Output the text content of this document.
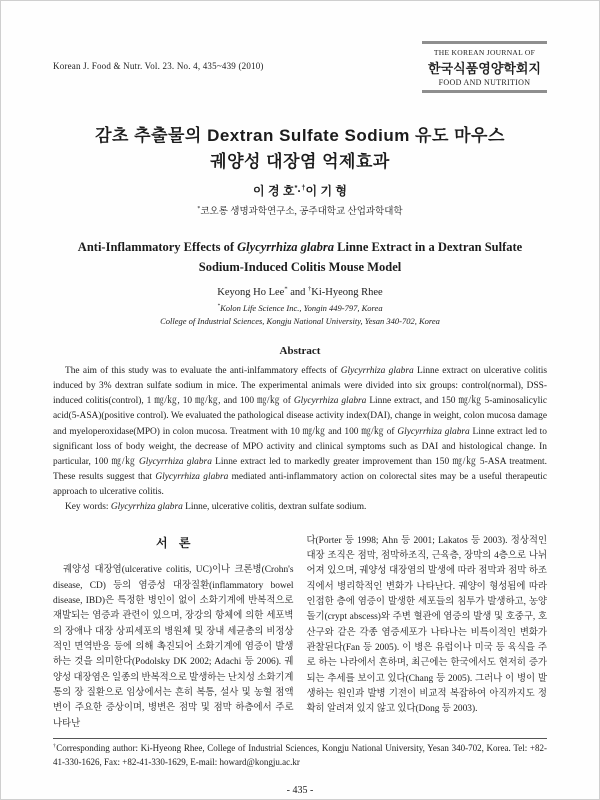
Korean J. Food & Nutr. Vol. 23. No. 4, 435~439 (2010)
THE KOREAN JOURNAL OF
한국식품영양학회지
FOOD AND NUTRITION
감초 추출물의 Dextran Sulfate Sodium 유도 마우스
궤양성 대장염 억제효과
이 경 호*·†이 기 형
*코오롱 생명과학연구소, 공주대학교 산업과학대학
Anti-Inflammatory Effects of Glycyrrhiza glabra Linne Extract in a Dextran Sulfate Sodium-Induced Colitis Mouse Model
Keyong Ho Lee* and †Ki-Hyeong Rhee
*Kolon Life Science Inc., Yongin 449-797, Korea
College of Industrial Sciences, Kongju National University, Yesan 340-702, Korea
Abstract

The aim of this study was to evaluate the anti-inlfammatory effects of Glycyrrhiza glabra Linne extract on ulcerative colitis induced by 3% dextran sulfate sodium in mice. The experimental animals were divided into six groups: control(normal), DSS-induced colitis(control), 1 ㎎/㎏, 10 ㎎/㎏, and 100 ㎎/㎏ of Glycyrrhiza glabra Linne extract, and 150 ㎎/㎏ 5-aminosalicylic acid(5-ASA)(positive control). We evaluated the pathological disease activity index(DAI), change in weight, colon mucosa damage and myeloperoxidase(MPO) in colon mucosa. Treatment with 10 ㎎/㎏ and 100 ㎎/㎏ of Glycyrrhiza glabra Linne extract led to significant loss of body weight, the decrease of MPO activity and clinical symptoms such as DAI and histological change. In particular, 100 ㎎/㎏ Glycyrrhiza glabra Linne extract led to markedly greater improvement than 150 ㎎/㎏ 5-ASA treatment. These results suggest that Glycyrrhiza glabra mediated anti-inflammatory action on colorectal sites may be a useful therapeutic approach to ulcerative colitis.

Key words: Glycyrrhiza glabra Linne, ulcerative colitis, dextran sulfate sodium.

서 론

궤양성 대장염(ulcerative colitis, UC)이나 크론병(Crohn's disease, CD) 등의 염증성 대장질환(inflammatory bowel disease, IBD)은 특정한 병인이 없이 소화기계에 반복적으로 재발되는 염증과 관련이 있으며, 장강의 항체에 의한 세포벽의 장애나 대장 상피세포의 병원체 및 장내 세균총의 비정상적인 면역반응 등에 의해 촉진되어 소화기계에 염증이 발생하는 것을 의미한다(Podolsky DK 2002; Adachi 등 2006). 궤양성 대장염은 일종의 반복적으로 발생하는 난치성 소화기계통의 장 질환으로 임상에서는 흔히 복통, 설사 및 농혈 점액변이 주요한 증상이며, 병변은 점막 및 점막 하층에서 주로 나타난

다(Porter 등 1998; Ahn 등 2001; Lakatos 등 2003). 정상적인 대장 조직은 점막, 점막하조직, 근육층, 장막의 4층으로 나뉘어져 있으며, 궤양성 대장염의 발생에 따라 점막과 점막 하조직에서 병리학적인 변화가 나타난다. 궤양이 형성됨에 따라 인접한 층에 염증이 발생한 세포들의 침투가 발생하고, 농양돌기(crypt abscess)와 주변 혈관에 염증의 발생 및 호중구, 호산구와 같은 각종 염증세포가 나타나는 비특이적인 변화가 관찰된다(Fan 등 2005). 이 병은 유럽이나 미국 등 육식을 주로 하는 나라에서 흔하며, 최근에는 한국에서도 현저히 증가되는 추세를 보이고 있다(Chang 등 2005). 그러나 이 병이 발생하는 원인과 발병 기전이 비교적 복잡하여 아직까지도 정확히 알려져 있지 않고 있다(Dong 등 2003).

†Corresponding author: Ki-Hyeong Rhee, College of Industrial Sciences, Kongju National University, Yesan 340-702, Korea. Tel: +82-41-330-1626, Fax: +82-41-330-1629, E-mail: howard@kongju.ac.kr

- 435 -
